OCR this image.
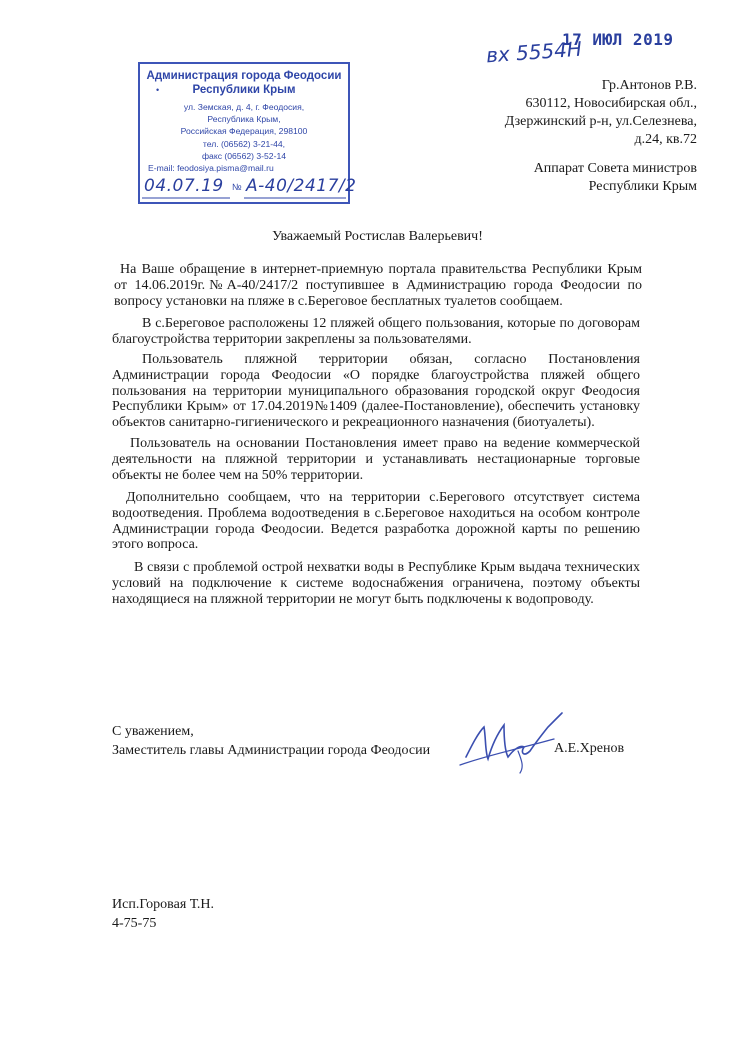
Администрация города Феодосии
Республики Крым
•
ул. Земская, д. 4, г. Феодосия,
Республика Крым,
Российская Федерация, 298100
тел. (06562) 3-21-44,
факс (06562) 3-52-14
E-mail: feodosiya.pisma@mail.ru
04.07.19 № А-40/2417/2
17 ИЮЛ 2019
вх 5554Н
Гр.Антонов Р.В.
630112, Новосибирская обл.,
Дзержинский р-н, ул.Селезнева,
д.24, кв.72
Аппарат Совета министров
Республики Крым
Уважаемый Ростислав Валерьевич!

На Ваше обращение в интернет-приемную портала правительства Республики Крым от 14.06.2019г.№А-40/2417/2 поступившее в Администрацию города Феодосии по вопросу установки на пляже в с.Береговое бесплатных туалетов сообщаем.

В с.Береговое расположены 12 пляжей общего пользования, которые по договорам благоустройства территории закреплены за пользователями.

Пользователь пляжной территории обязан, согласно Постановления Администрации города Феодосии «О порядке благоустройства пляжей общего пользования на территории муниципального образования городской округ Феодосия Республики Крым» от 17.04.2019№1409 (далее-Постановление), обеспечить установку объектов санитарно-гигиенического и рекреационного назначения (биотуалеты).

Пользователь на основании Постановления имеет право на ведение коммерческой деятельности на пляжной территории и устанавливать нестационарные торговые объекты не более чем на 50% территории.

Дополнительно сообщаем, что на территории с.Берегового отсутствует система водоотведения. Проблема водоотведения в с.Береговое находиться на особом контроле Администрации города Феодосии. Ведется разработка дорожной карты по решению этого вопроса.

В связи с проблемой острой нехватки воды в Республике Крым выдача технических условий на подключение к системе водоснабжения ограничена, поэтому объекты находящиеся на пляжной территории не могут быть подключены к водопроводу.

С уважением,
Заместитель главы Администрации города Феодосии	А.Е.Хренов
Исп.Горовая Т.Н.
4-75-75
